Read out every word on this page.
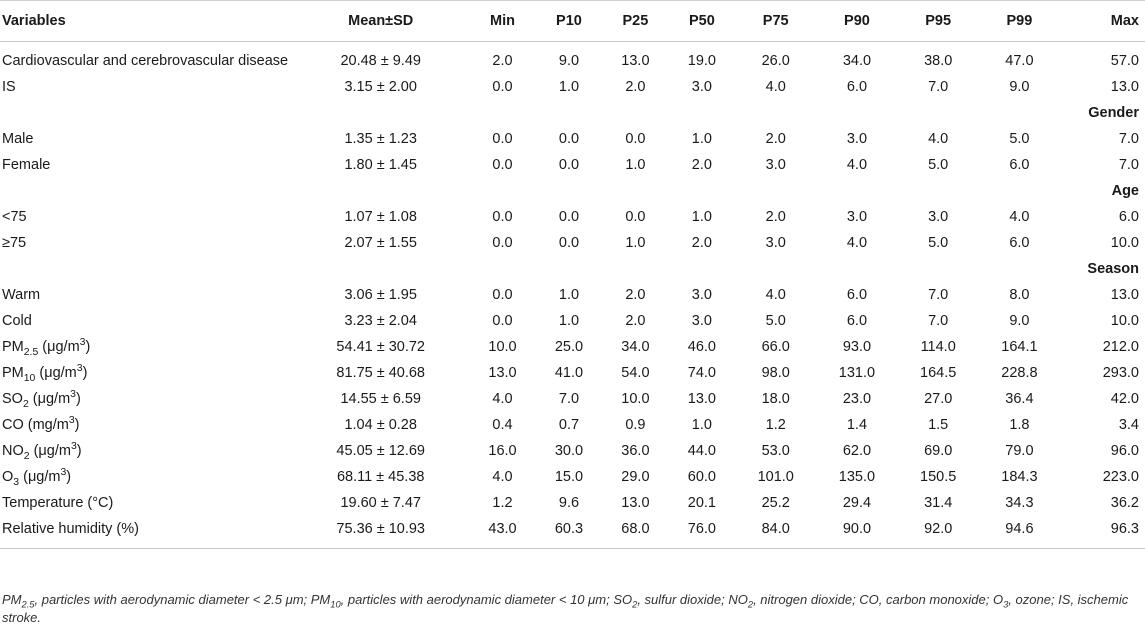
Variables	Mean±SD	Min	P10	P25	P50	P75	P90	P95	P99	Max
Cardiovascular and cerebrovascular disease	20.48 ± 9.49	2.0	9.0	13.0	19.0	26.0	34.0	38.0	47.0	57.0
IS	3.15 ± 2.00	0.0	1.0	2.0	3.0	4.0	6.0	7.0	9.0	13.0
Gender										
Male	1.35 ± 1.23	0.0	0.0	0.0	1.0	2.0	3.0	4.0	5.0	7.0
Female	1.80 ± 1.45	0.0	0.0	1.0	2.0	3.0	4.0	5.0	6.0	7.0
Age										
<75	1.07 ± 1.08	0.0	0.0	0.0	1.0	2.0	3.0	3.0	4.0	6.0
≥75	2.07 ± 1.55	0.0	0.0	1.0	2.0	3.0	4.0	5.0	6.0	10.0
Season										
Warm	3.06 ± 1.95	0.0	1.0	2.0	3.0	4.0	6.0	7.0	8.0	13.0
Cold	3.23 ± 2.04	0.0	1.0	2.0	3.0	5.0	6.0	7.0	9.0	10.0
$PM_{2.5}$ $(\mu g/m^3)$	54.41 ± 30.72	10.0	25.0	34.0	46.0	66.0	93.0	114.0	164.1	212.0
$PM_{10}$ $(\mu g/m^3)$	81.75 ± 40.68	13.0	41.0	54.0	74.0	98.0	131.0	164.5	228.8	293.0
$SO_2$ $(\mu g/m^3)$	14.55 ± 6.59	4.0	7.0	10.0	13.0	18.0	23.0	27.0	36.4	42.0
CO $(mg/m^3)$	1.04 ± 0.28	0.4	0.7	0.9	1.0	1.2	1.4	1.5	1.8	3.4
$NO_2$ $(\mu g/m^3)$	45.05 ± 12.69	16.0	30.0	36.0	44.0	53.0	62.0	69.0	79.0	96.0
$O_3$ $(\mu g/m^3)$	68.11 ± 45.38	4.0	15.0	29.0	60.0	101.0	135.0	150.5	184.3	223.0
Temperature (°C)	19.60 ± 7.47	1.2	9.6	13.0	20.1	25.2	29.4	31.4	34.3	36.2
Relative humidity (%)	75.36 ± 10.93	43.0	60.3	68.0	76.0	84.0	90.0	92.0	94.6	96.3
$PM_{2.5}$, particles with aerodynamic diameter < 2.5 μm; $PM_{10}$, particles with aerodynamic diameter < 10 μm; $SO_2$, sulfur dioxide; $NO_2$, nitrogen dioxide; CO, carbon monoxide; $O_3$, ozone; IS, ischemic stroke.
